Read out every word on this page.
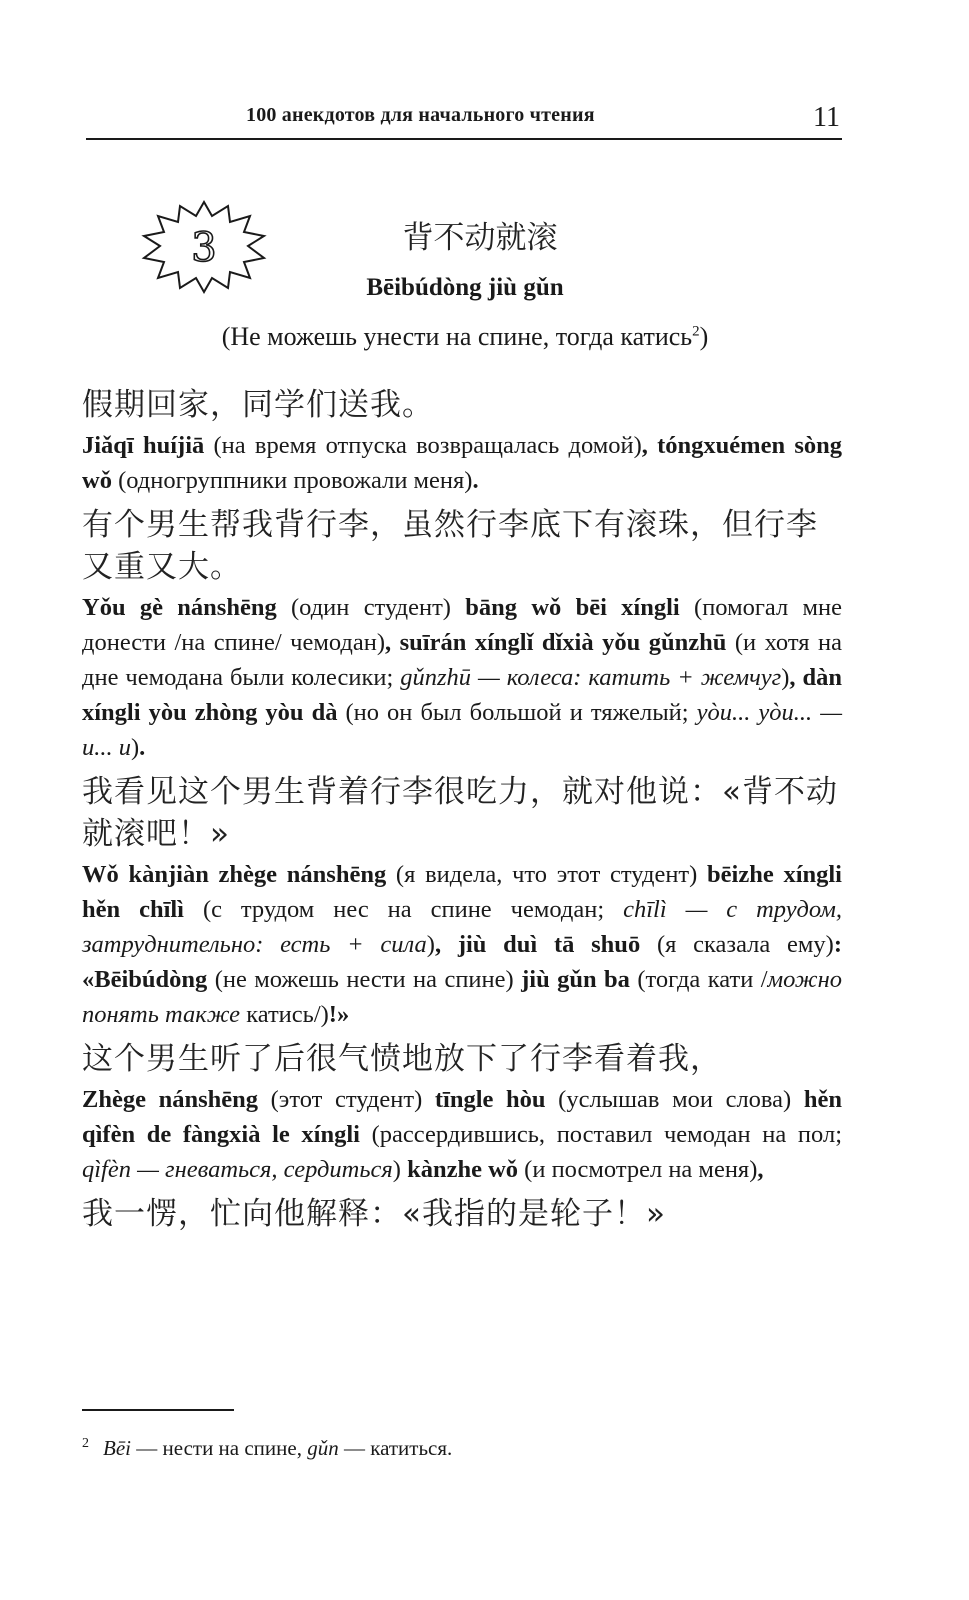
100 анекдотов для начального чтения	11
3	背不动就滚
Bēibúdòng jiù gǔn
(Не можешь унести на спине, тогда катись$^2$)

假期回家，同学们送我。

Jiǎqī huíjiā (на время отпуска возвращалась домой), tóngxuémen sòng wǒ (одногруппники провожали меня).

有个男生帮我背行李，虽然行李底下有滚珠，但行李又重又大。

Yǒu gè nánshēng (один студент) bāng wǒ bēi xíngli (помогал мне донести /на спине/ чемодан), suīrán xínglǐ dǐxià yǒu gǔnzhū (и хотя на дне чемодана были колесики; gǔnzhū — колеса: катить + жемчуг), dàn xíngli yòu zhòng yòu dà (но он был большой и тяжелый; yòu... yòu... — и... и).

我看见这个男生背着行李很吃力，就对他说：«背不动就滚吧！»

Wǒ kànjiàn zhège nánshēng (я видела, что этот студент) bēizhe xíngli hěn chīlì (с трудом нес на спине чемодан; chīlì — с трудом, затруднительно: есть + сила), jiù duì tā shuō (я сказала ему): «Bēibúdòng (не можешь нести на спине) jiù gǔn ba (тогда кати /можно понять также катись/)!»

这个男生听了后很气愤地放下了行李看着我，

Zhège nánshēng (этот студент) tīngle hòu (услышав мои слова) hěn qìfèn de fàngxià le xíngli (рассердившись, поставил чемодан на пол; qìfèn — гневаться, сердиться) kànzhe wǒ (и посмотрел на меня),

我一愣，忙向他解释：«我指的是轮子！»

$^2$ Bēi — нести на спине, gǔn — катиться.
